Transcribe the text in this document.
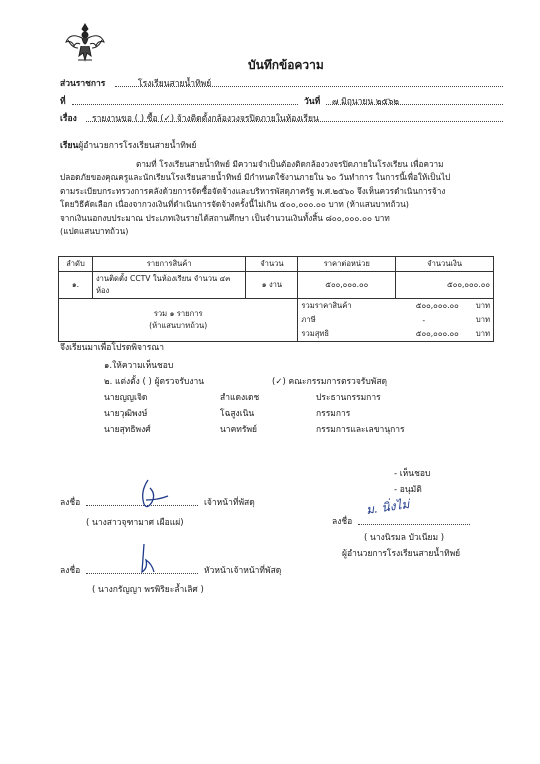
บันทึกข้อความ
ส่วนราชการ	โรงเรียนสายน้ำทิพย์
ที่	วันที่ ๗ มิถุนายน ๒๕๖๒
เรื่อง รายงานขอ ( ) ซื้อ (✓) จ้างติดตั้งกล้องวงจรปิดภายในห้องเรียน
เรียนผู้อำนวยการโรงเรียนสายน้ำทิพย์
ตามที่ โรงเรียนสายน้ำทิพย์ มีความจำเป็นต้องติดกล้องวงจรปิดภายในโรงเรียน เพื่อความ
ปลอดภัยของคุณครูและนักเรียนโรงเรียนสายน้ำทิพย์ มีกำหนดใช้งานภายใน ๖๐ วันทำการ ในการนี้เพื่อให้เป็นไป
ตามระเบียบกระทรวงการคลังด้วยการจัดซื้อจัดจ้างและบริหารพัสดุภาครัฐ พ.ศ.๒๕๖๐ จึงเห็นควรดำเนินการจ้าง
โดยวิธีคัดเลือก เนื่องจากวงเงินที่ดำเนินการจัดจ้างครั้งนี้ไม่เกิน ๕๐๐,๐๐๐.๐๐ บาท (ห้าแสนบาทถ้วน)
จากเงินนอกงบประมาณ ประเภทเงินรายได้สถานศึกษา เป็นจำนวนเงินทั้งสิ้น ๘๐๐,๐๐๐.๐๐ บาท
(แปดแสนบาทถ้วน)
ลำดับ	รายการสินค้า	จำนวน	ราคาต่อหน่วย	จำนวนเงิน
๑.	งานติดตั้ง CCTV ในห้องเรียน จำนวน ๔๓ ห้อง	๑ งาน	๕๐๐,๐๐๐.๐๐	๕๐๐,๐๐๐.๐๐

รวม ๑ รายการ
(ห้าแสนบาทถ้วน)

รวมราคาสินค้า	๕๐๐,๐๐๐.๐๐	บาท
ภาษี	-	บาท
รวมสุทธิ	๕๐๐,๐๐๐.๐๐	บาท
จึงเรียนมาเพื่อโปรดพิจารณา
๑.ให้ความเห็นชอบ
๒. แต่งตั้ง ( ) ผู้ตรวจรับงาน	(✓) คณะกรรมการตรวจรับพัสดุ
นายญญเจิด	สำแดงเดช	ประธานกรรมการ
นายวุฒิพงษ์	โฉสูงเนิน	กรรมการ
นายสุทธิพงศ์	นาคทรัพย์	กรรมการและเลขานุการ
- เห็นชอบ
- อนุมัติ
ลงชื่อ	เจ้าหน้าที่พัสดุ
( นางสาวจุฑามาศ เผือแผ่)	ลงชื่อ
ม. นิ่งไม่
( นางนิรมล บัวเนียม )
ผู้อำนวยการโรงเรียนสายน้ำทิพย์
ลงชื่อ	หัวหน้าเจ้าหน้าที่พัสดุ
( นางกรัญญา พรพิริยะล้ำเลิศ )
